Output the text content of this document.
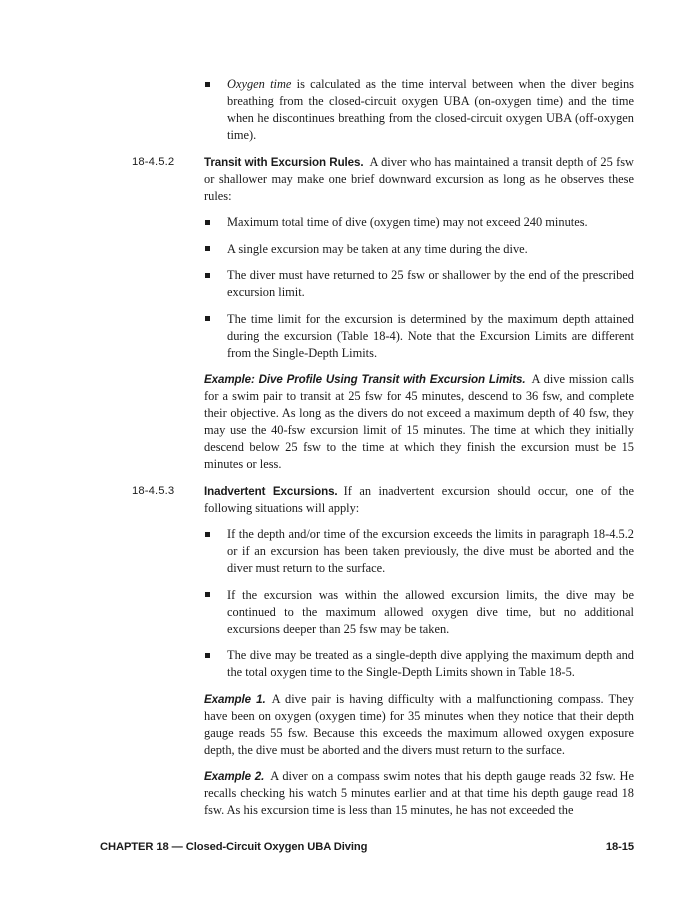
Oxygen time is calculated as the time interval between when the diver begins breathing from the closed-circuit oxygen UBA (on-oxygen time) and the time when he discontinues breathing from the closed-circuit oxygen UBA (off-oxygen time).
18-4.5.2	Transit with Excursion Rules. A diver who has maintained a transit depth of 25 fsw or shallower may make one brief downward excursion as long as he observes these rules:
Maximum total time of dive (oxygen time) may not exceed 240 minutes.
A single excursion may be taken at any time during the dive.
The diver must have returned to 25 fsw or shallower by the end of the prescribed excursion limit.
The time limit for the excursion is determined by the maximum depth attained during the excursion (Table 18-4). Note that the Excursion Limits are different from the Single-Depth Limits.
Example: Dive Profile Using Transit with Excursion Limits. A dive mission calls for a swim pair to transit at 25 fsw for 45 minutes, descend to 36 fsw, and complete their objective. As long as the divers do not exceed a maximum depth of 40 fsw, they may use the 40-fsw excursion limit of 15 minutes. The time at which they initially descend below 25 fsw to the time at which they finish the excursion must be 15 minutes or less.
18-4.5.3	Inadvertent Excursions. If an inadvertent excursion should occur, one of the following situations will apply:
If the depth and/or time of the excursion exceeds the limits in paragraph 18-4.5.2 or if an excursion has been taken previously, the dive must be aborted and the diver must return to the surface.
If the excursion was within the allowed excursion limits, the dive may be continued to the maximum allowed oxygen dive time, but no additional excursions deeper than 25 fsw may be taken.
The dive may be treated as a single-depth dive applying the maximum depth and the total oxygen time to the Single-Depth Limits shown in Table 18-5.
Example 1. A dive pair is having difficulty with a malfunctioning compass. They have been on oxygen (oxygen time) for 35 minutes when they notice that their depth gauge reads 55 fsw. Because this exceeds the maximum allowed oxygen exposure depth, the dive must be aborted and the divers must return to the surface.
Example 2. A diver on a compass swim notes that his depth gauge reads 32 fsw. He recalls checking his watch 5 minutes earlier and at that time his depth gauge read 18 fsw. As his excursion time is less than 15 minutes, he has not exceeded the
CHAPTER 18 — Closed-Circuit Oxygen UBA Diving	18-15
